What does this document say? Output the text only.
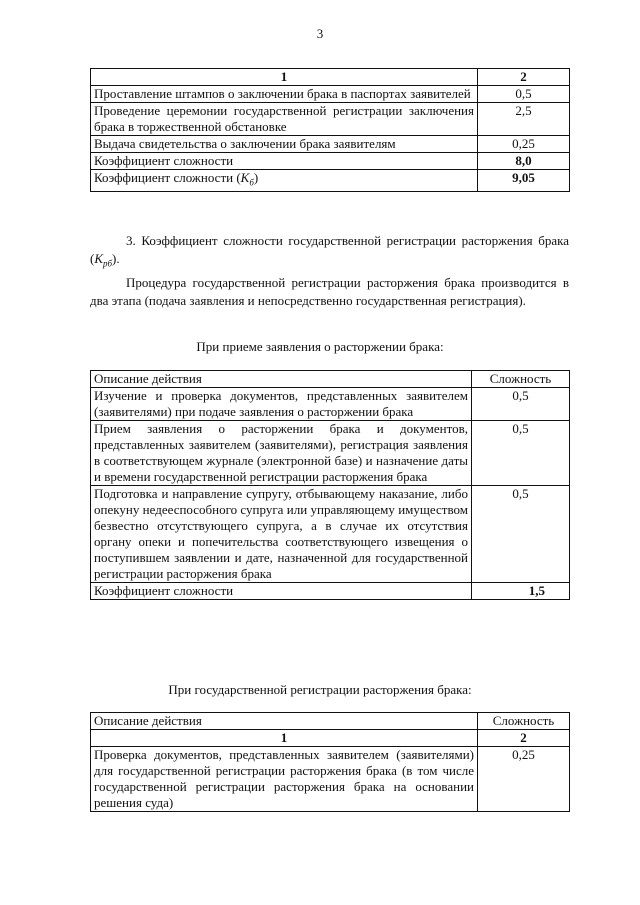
3
1	2
Проставление штампов о заключении брака в паспортах заявителей	0,5
Проведение церемонии государственной регистрации заключения брака в торжественной обстановке	2,5
Выдача свидетельства о заключении брака заявителям	0,25
Коэффициент сложности	8,0
Коэффициент сложности $(K_б)$	9,05

3. Коэффициент сложности государственной регистрации расторжения брака $(K_{рб})$.

Процедура государственной регистрации расторжения брака производится в два этапа (подача заявления и непосредственно государственная регистрация).

При приеме заявления о расторжении брака:

Описание действия	Сложность
Изучение и проверка документов, представленных заявителем (заявителями) при подаче заявления о расторжении брака	0,5
Прием заявления о расторжении брака и документов, представленных заявителем (заявителями), регистрация заявления в соответствующем журнале (электронной базе) и назначение даты и времени государственной регистрации расторжения брака	0,5
Подготовка и направление супругу, отбывающему наказание, либо опекуну недееспособного супруга или управляющему имуществом безвестно отсутствующего супруга, а в случае их отсутствия органу опеки и попечительства соответствующего извещения о поступившем заявлении и дате, назначенной для государственной регистрации расторжения брака	0,5
Коэффициент сложности	1,5

При государственной регистрации расторжения брака:

Описание действия	Сложность
1	2
Проверка документов, представленных заявителем (заявителями) для государственной регистрации расторжения брака (в том числе государственной регистрации расторжения брака на основании решения суда)	0,25
